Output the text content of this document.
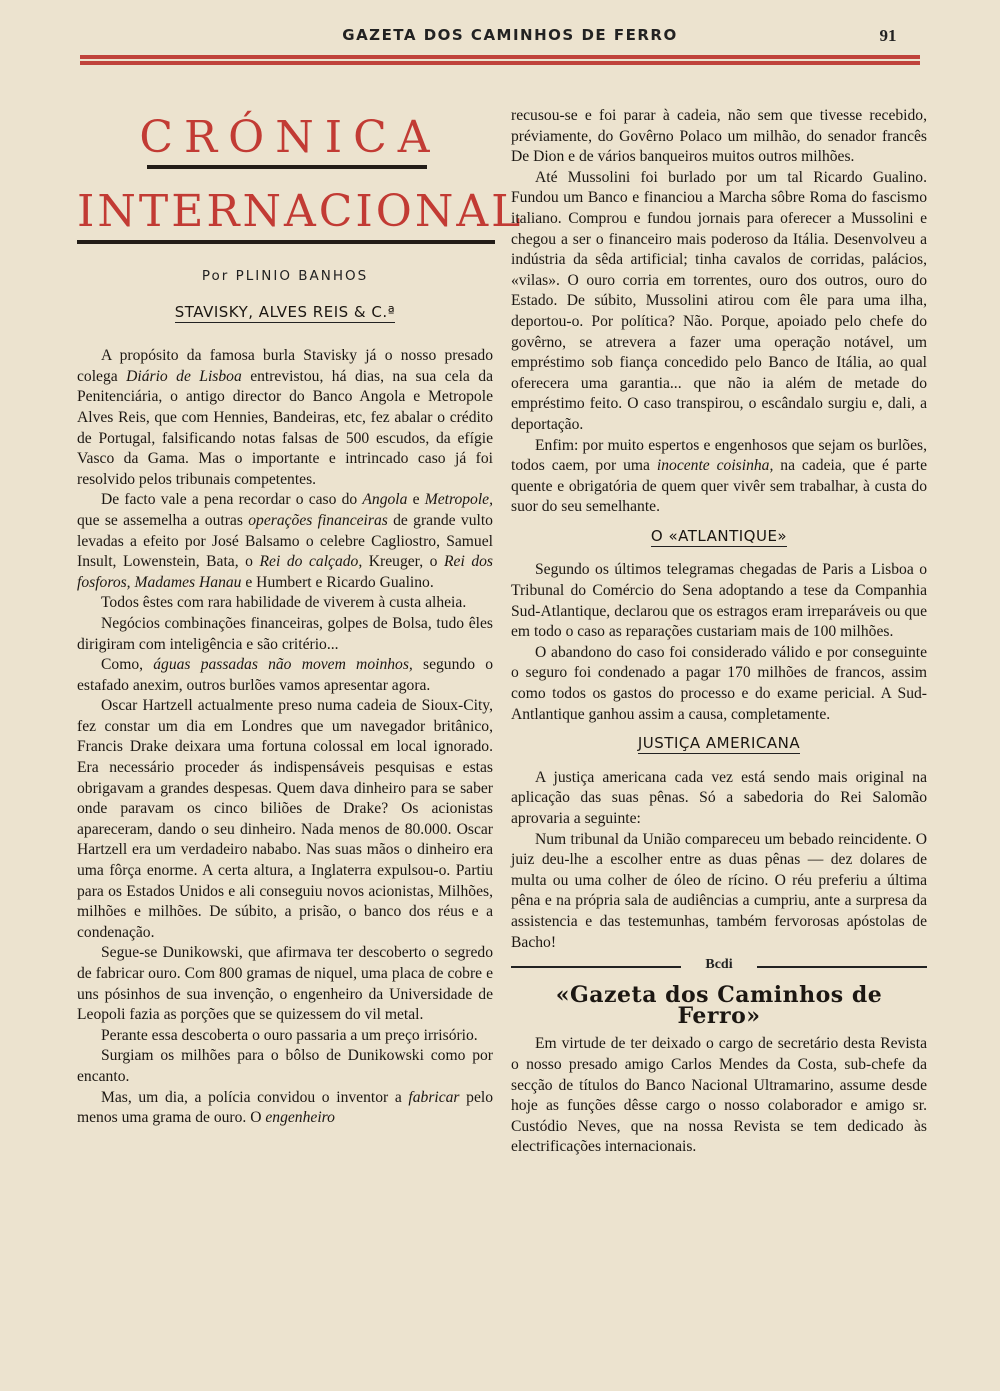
GAZETA DOS CAMINHOS DE FERRO	91
CRÓNICA
INTERNACIONAL
Por PLINIO BANHOS
STAVISKY, ALVES REIS & C.ª

A propósito da famosa burla Stavisky já o nosso presado colega Diário de Lisboa entrevistou, há dias, na sua cela da Penitenciária, o antigo director do Banco Angola e Metropole Alves Reis, que com Hennies, Bandeiras, etc, fez abalar o crédito de Portugal, falsificando notas falsas de 500 escudos, da efígie Vasco da Gama. Mas o importante e intrincado caso já foi resolvido pelos tribunais competentes.

De facto vale a pena recordar o caso do Angola e Metropole, que se assemelha a outras operações financeiras de grande vulto levadas a efeito por José Balsamo o celebre Cagliostro, Samuel Insult, Lowenstein, Bata, o Rei do calçado, Kreuger, o Rei dos fosforos, Madames Hanau e Humbert e Ricardo Gualino.

Todos êstes com rara habilidade de viverem à custa alheia.

Negócios combinações financeiras, golpes de Bolsa, tudo êles dirigiram com inteligência e são critério...

Como, águas passadas não movem moinhos, segundo o estafado anexim, outros burlões vamos apresentar agora.

Oscar Hartzell actualmente preso numa cadeia de Sioux-City, fez constar um dia em Londres que um navegador britânico, Francis Drake deixara uma fortuna colossal em local ignorado. Era necessário proceder ás indispensáveis pesquisas e estas obrigavam a grandes despesas. Quem dava dinheiro para se saber onde paravam os cinco biliões de Drake? Os acionistas apareceram, dando o seu dinheiro. Nada menos de 80.000. Oscar Hartzell era um verdadeiro nababo. Nas suas mãos o dinheiro era uma fôrça enorme. A certa altura, a Inglaterra expulsou-o. Partiu para os Estados Unidos e ali conseguiu novos acionistas, Milhões, milhões e milhões. De súbito, a prisão, o banco dos réus e a condenação.

Segue-se Dunikowski, que afirmava ter descoberto o segredo de fabricar ouro. Com 800 gramas de niquel, uma placa de cobre e uns pósinhos de sua invenção, o engenheiro da Universidade de Leopoli fazia as porções que se quizessem do vil metal.

Perante essa descoberta o ouro passaria a um preço irrisório.

Surgiam os milhões para o bôlso de Dunikowski como por encanto.

Mas, um dia, a polícia convidou o inventor a fabricar pelo menos uma grama de ouro. O engenheiro

recusou-se e foi parar à cadeia, não sem que tivesse recebido, préviamente, do Govêrno Polaco um milhão, do senador francês De Dion e de vários banqueiros muitos outros milhões.

Até Mussolini foi burlado por um tal Ricardo Gualino. Fundou um Banco e financiou a Marcha sôbre Roma do fascismo italiano. Comprou e fundou jornais para oferecer a Mussolini e chegou a ser o financeiro mais poderoso da Itália. Desenvolveu a indústria da sêda artificial; tinha cavalos de corridas, palácios, «vilas». O ouro corria em torrentes, ouro dos outros, ouro do Estado. De súbito, Mussolini atirou com êle para uma ilha, deportou-o. Por política? Não. Porque, apoiado pelo chefe do govêrno, se atrevera a fazer uma operação notável, um empréstimo sob fiança concedido pelo Banco de Itália, ao qual oferecera uma garantia... que não ia além de metade do empréstimo feito. O caso transpirou, o escândalo surgiu e, dali, a deportação.

Enfim: por muito espertos e engenhosos que sejam os burlões, todos caem, por uma inocente coisinha, na cadeia, que é parte quente e obrigatória de quem quer vivêr sem trabalhar, à custa do suor do seu semelhante.

O «ATLANTIQUE»

Segundo os últimos telegramas chegadas de Paris a Lisboa o Tribunal do Comércio do Sena adoptando a tese da Companhia Sud-Atlantique, declarou que os estragos eram irreparáveis ou que em todo o caso as reparações custariam mais de 100 milhões.

O abandono do caso foi considerado válido e por conseguinte o seguro foi condenado a pagar 170 milhões de francos, assim como todos os gastos do processo e do exame pericial. A Sud-Antlantique ganhou assim a causa, completamente.

JUSTIÇA AMERICANA

A justiça americana cada vez está sendo mais original na aplicação das suas pênas. Só a sabedoria do Rei Salomão aprovaria a seguinte:

Num tribunal da União compareceu um bebado reincidente. O juiz deu-lhe a escolher entre as duas pênas — dez dolares de multa ou uma colher de óleo de rícino. O réu preferiu a última pêna e na própria sala de audiências a cumpriu, ante a surpresa da assistencia e das testemunhas, também fervorosas apóstolas de Bacho!

Bcdi
«Gazeta dos Caminhos de Ferro»

Em virtude de ter deixado o cargo de secretário desta Revista o nosso presado amigo Carlos Mendes da Costa, sub-chefe da secção de títulos do Banco Nacional Ultramarino, assume desde hoje as funções dêsse cargo o nosso colaborador e amigo sr. Custódio Neves, que na nossa Revista se tem dedicado às electrificações internacionais.
